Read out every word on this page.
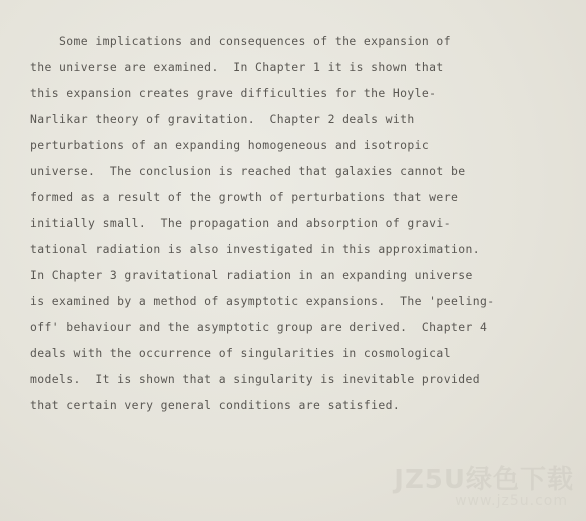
Some implications and consequences of the expansion of
the universe are examined.  In Chapter 1 it is shown that
this expansion creates grave difficulties for the Hoyle-
Narlikar theory of gravitation.  Chapter 2 deals with
perturbations of an expanding homogeneous and isotropic
universe.  The conclusion is reached that galaxies cannot be
formed as a result of the growth of perturbations that were
initially small.  The propagation and absorption of gravi-
tational radiation is also investigated in this approximation.
In Chapter 3 gravitational radiation in an expanding universe
is examined by a method of asymptotic expansions.  The 'peeling-
off' behaviour and the asymptotic group are derived.  Chapter 4
deals with the occurrence of singularities in cosmological
models.  It is shown that a singularity is inevitable provided
that certain very general conditions are satisfied.
JZ5U绿色下载
www.jz5u.com
